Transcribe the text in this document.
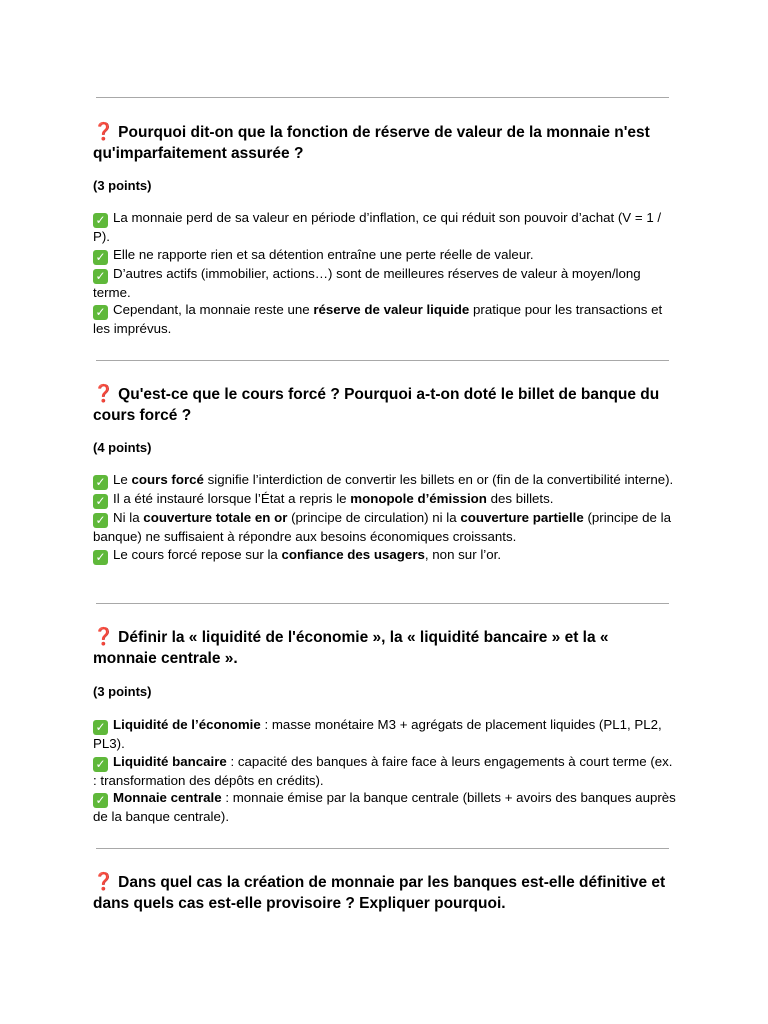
❓ Pourquoi dit-on que la fonction de réserve de valeur de la monnaie n'est qu'imparfaitement assurée ?
(3 points)
✓ La monnaie perd de sa valeur en période d’inflation, ce qui réduit son pouvoir d’achat (V = 1 / P).
✓ Elle ne rapporte rien et sa détention entraîne une perte réelle de valeur.
✓ D’autres actifs (immobilier, actions…) sont de meilleures réserves de valeur à moyen/long terme.
✓ Cependant, la monnaie reste une réserve de valeur liquide pratique pour les transactions et les imprévus.
❓ Qu'est-ce que le cours forcé ? Pourquoi a-t-on doté le billet de banque du cours forcé ?
(4 points)
✓ Le cours forcé signifie l’interdiction de convertir les billets en or (fin de la convertibilité interne).
✓ Il a été instauré lorsque l’État a repris le monopole d’émission des billets.
✓ Ni la couverture totale en or (principe de circulation) ni la couverture partielle (principe de la banque) ne suffisaient à répondre aux besoins économiques croissants.
✓ Le cours forcé repose sur la confiance des usagers, non sur l’or.
❓ Définir la « liquidité de l'économie », la « liquidité bancaire » et la « monnaie centrale ».
(3 points)
✓ Liquidité de l’économie : masse monétaire M3 + agrégats de placement liquides (PL1, PL2, PL3).
✓ Liquidité bancaire : capacité des banques à faire face à leurs engagements à court terme (ex. : transformation des dépôts en crédits).
✓ Monnaie centrale : monnaie émise par la banque centrale (billets + avoirs des banques auprès de la banque centrale).
❓ Dans quel cas la création de monnaie par les banques est-elle définitive et dans quels cas est-elle provisoire ? Expliquer pourquoi.
